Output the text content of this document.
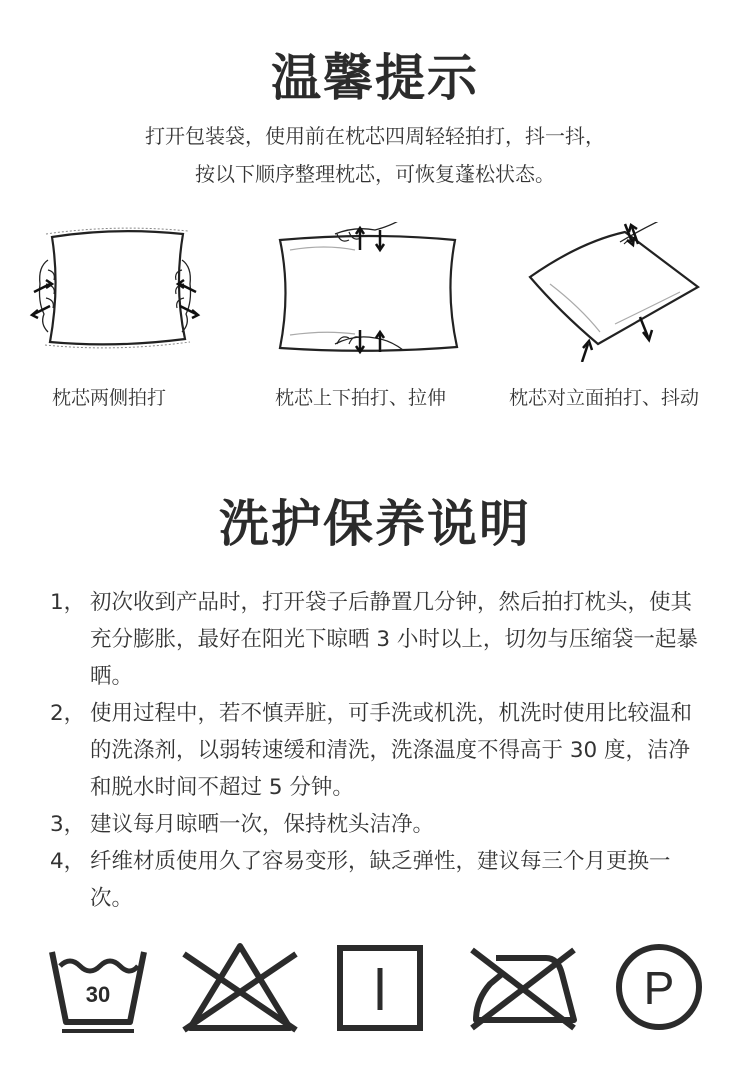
温馨提示
打开包装袋，使用前在枕芯四周轻轻拍打，抖一抖，
按以下顺序整理枕芯，可恢复蓬松状态。
枕芯两侧拍打	枕芯上下拍打、拉伸	枕芯对立面拍打、抖动
洗护保养说明
1， 初次收到产品时，打开袋子后静置几分钟，然后拍打枕头，使其充分膨胀，最好在阳光下晾晒 3 小时以上，切勿与压缩袋一起暴晒。
2， 使用过程中，若不慎弄脏，可手洗或机洗，机洗时使用比较温和的洗涤剂，以弱转速缓和清洗，洗涤温度不得高于 30 度，洁净和脱水时间不超过 5 分钟。
3， 建议每月晾晒一次，保持枕头洁净。
4， 纤维材质使用久了容易变形，缺乏弹性，建议每三个月更换一次。
30	P
